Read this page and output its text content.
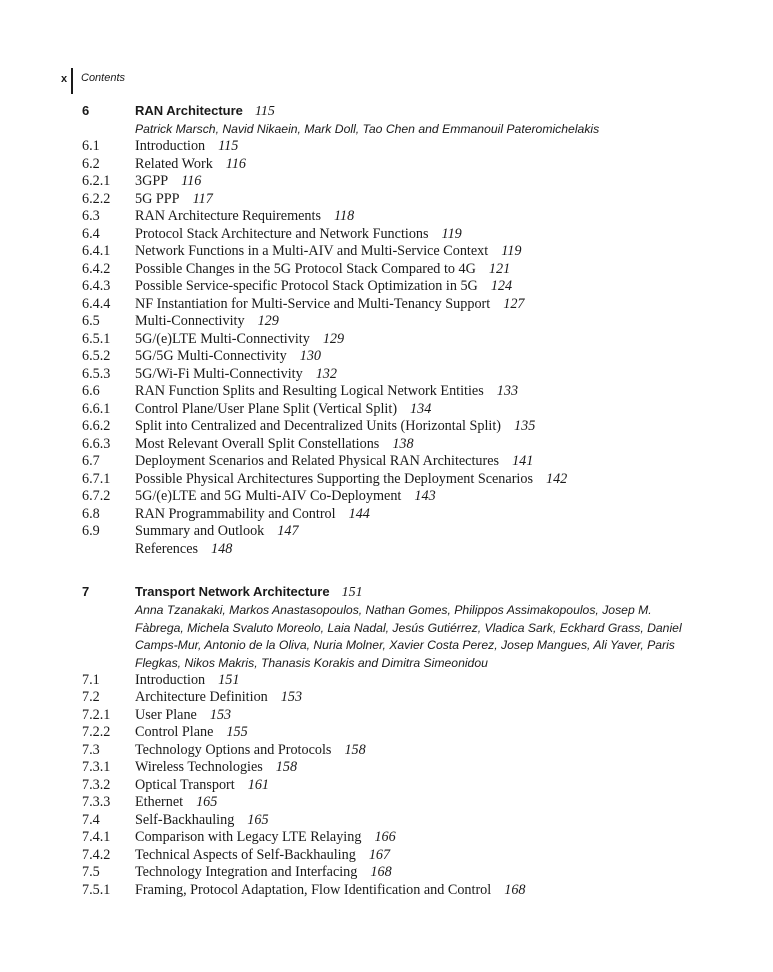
x Contents
6	RAN Architecture 115
Patrick Marsch, Navid Nikaein, Mark Doll, Tao Chen and Emmanouil Pateromichelakis
6.1 Introduction 115
6.2 Related Work 116
6.2.1 3GPP 116
6.2.2 5G PPP 117
6.3 RAN Architecture Requirements 118
6.4 Protocol Stack Architecture and Network Functions 119
6.4.1 Network Functions in a Multi-AIV and Multi-Service Context 119
6.4.2 Possible Changes in the 5G Protocol Stack Compared to 4G 121
6.4.3 Possible Service-specific Protocol Stack Optimization in 5G 124
6.4.4 NF Instantiation for Multi-Service and Multi-Tenancy Support 127
6.5 Multi-Connectivity 129
6.5.1 5G/(e)LTE Multi-Connectivity 129
6.5.2 5G/5G Multi-Connectivity 130
6.5.3 5G/Wi-Fi Multi-Connectivity 132
6.6 RAN Function Splits and Resulting Logical Network Entities 133
6.6.1 Control Plane/User Plane Split (Vertical Split) 134
6.6.2 Split into Centralized and Decentralized Units (Horizontal Split) 135
6.6.3 Most Relevant Overall Split Constellations 138
6.7 Deployment Scenarios and Related Physical RAN Architectures 141
6.7.1 Possible Physical Architectures Supporting the Deployment Scenarios 142
6.7.2 5G/(e)LTE and 5G Multi-AIV Co-Deployment 143
6.8 RAN Programmability and Control 144
6.9 Summary and Outlook 147
References 148
7	Transport Network Architecture 151
Anna Tzanakaki, Markos Anastasopoulos, Nathan Gomes, Philippos Assimakopoulos, Josep M. Fàbrega, Michela Svaluto Moreolo, Laia Nadal, Jesús Gutiérrez, Vladica Sark, Eckhard Grass, Daniel Camps-Mur, Antonio de la Oliva, Nuria Molner, Xavier Costa Perez, Josep Mangues, Ali Yaver, Paris Flegkas, Nikos Makris, Thanasis Korakis and Dimitra Simeonidou
7.1 Introduction 151
7.2 Architecture Definition 153
7.2.1 User Plane 153
7.2.2 Control Plane 155
7.3 Technology Options and Protocols 158
7.3.1 Wireless Technologies 158
7.3.2 Optical Transport 161
7.3.3 Ethernet 165
7.4 Self-Backhauling 165
7.4.1 Comparison with Legacy LTE Relaying 166
7.4.2 Technical Aspects of Self-Backhauling 167
7.5 Technology Integration and Interfacing 168
7.5.1 Framing, Protocol Adaptation, Flow Identification and Control 168
